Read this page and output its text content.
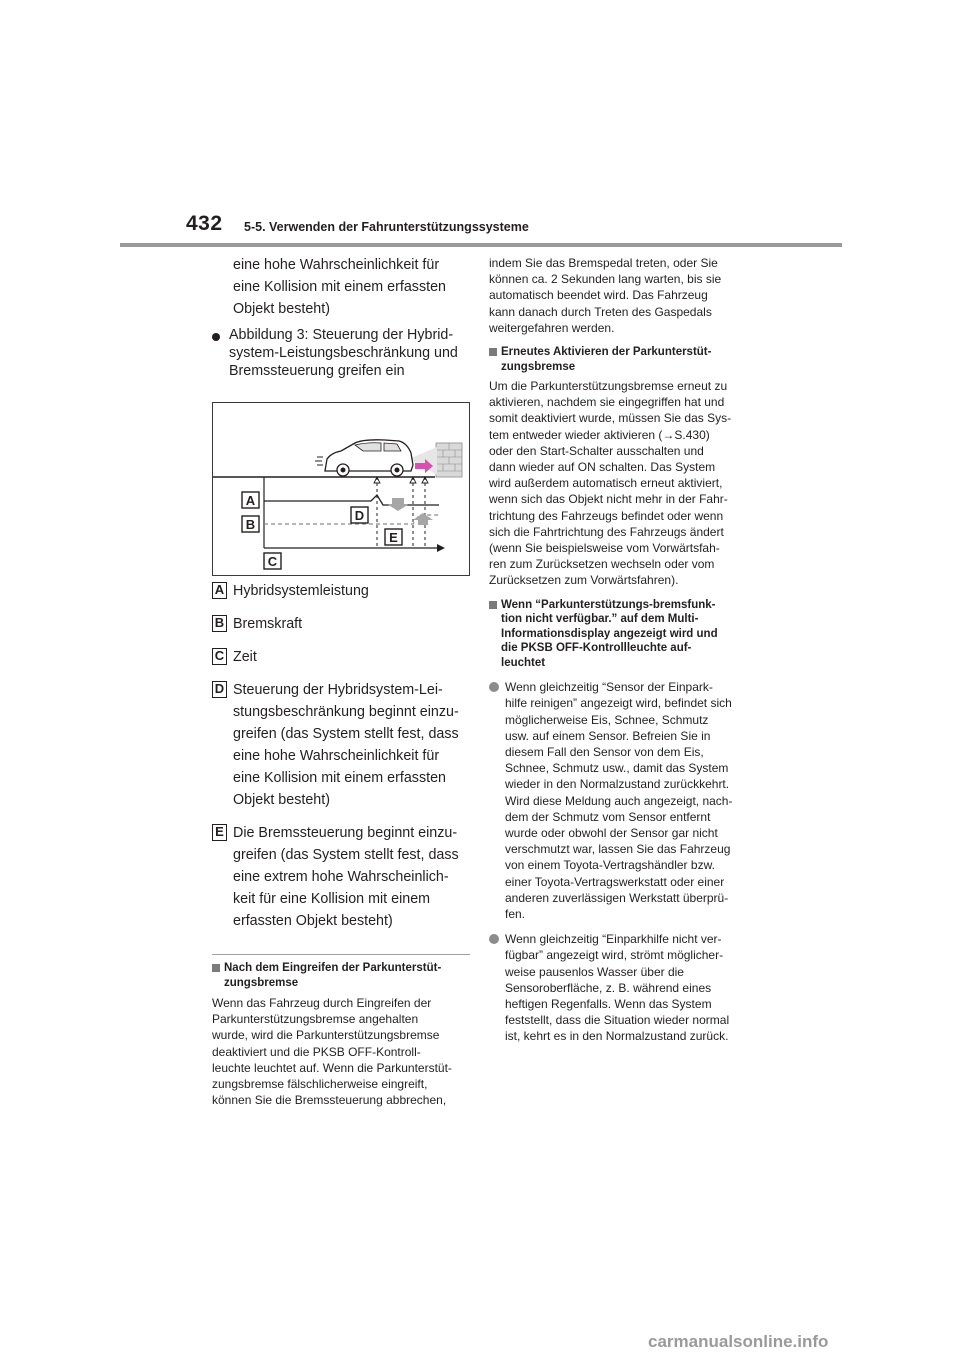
432 5-5. Verwenden der Fahrunterstützungssysteme
eine hohe Wahrscheinlichkeit für
eine Kollision mit einem erfassten
Objekt besteht)
Abbildung 3: Steuerung der Hybrid-
system-Leistungsbeschränkung und
Bremssteuerung greifen ein
A
B
C
D
E
A Hybridsystemleistung
B Bremskraft
C Zeit
D Steuerung der Hybridsystem-Lei-
stungsbeschränkung beginnt einzu-
greifen (das System stellt fest, dass
eine hohe Wahrscheinlichkeit für
eine Kollision mit einem erfassten
Objekt besteht)
E Die Bremssteuerung beginnt einzu-
greifen (das System stellt fest, dass
eine extrem hohe Wahrscheinlich-
keit für eine Kollision mit einem
erfassten Objekt besteht)
Nach dem Eingreifen der Parkunterstüt-
zungsbremse
Wenn das Fahrzeug durch Eingreifen der
Parkunterstützungsbremse angehalten
wurde, wird die Parkunterstützungsbremse
deaktiviert und die PKSB OFF-Kontroll-
leuchte leuchtet auf. Wenn die Parkunterstüt-
zungsbremse fälschlicherweise eingreift,
können Sie die Bremssteuerung abbrechen,
indem Sie das Bremspedal treten, oder Sie
können ca. 2 Sekunden lang warten, bis sie
automatisch beendet wird. Das Fahrzeug
kann danach durch Treten des Gaspedals
weitergefahren werden.
Erneutes Aktivieren der Parkunterstüt-
zungsbremse
Um die Parkunterstützungsbremse erneut zu
aktivieren, nachdem sie eingegriffen hat und
somit deaktiviert wurde, müssen Sie das Sys-
tem entweder wieder aktivieren (→S.430)
oder den Start-Schalter ausschalten und
dann wieder auf ON schalten. Das System
wird außerdem automatisch erneut aktiviert,
wenn sich das Objekt nicht mehr in der Fahr-
trichtung des Fahrzeugs befindet oder wenn
sich die Fahrtrichtung des Fahrzeugs ändert
(wenn Sie beispielsweise vom Vorwärtsfah-
ren zum Zurücksetzen wechseln oder vom
Zurücksetzen zum Vorwärtsfahren).
Wenn “Parkunterstützungs-bremsfunk-
tion nicht verfügbar.” auf dem Multi-
Informationsdisplay angezeigt wird und
die PKSB OFF-Kontrollleuchte auf-
leuchtet
Wenn gleichzeitig “Sensor der Einpark-
hilfe reinigen” angezeigt wird, befindet sich
möglicherweise Eis, Schnee, Schmutz
usw. auf einem Sensor. Befreien Sie in
diesem Fall den Sensor von dem Eis,
Schnee, Schmutz usw., damit das System
wieder in den Normalzustand zurückkehrt.
Wird diese Meldung auch angezeigt, nach-
dem der Schmutz vom Sensor entfernt
wurde oder obwohl der Sensor gar nicht
verschmutzt war, lassen Sie das Fahrzeug
von einem Toyota-Vertragshändler bzw.
einer Toyota-Vertragswerkstatt oder einer
anderen zuverlässigen Werkstatt überprü-
fen.
Wenn gleichzeitig “Einparkhilfe nicht ver-
fügbar” angezeigt wird, strömt möglicher-
weise pausenlos Wasser über die
Sensoroberfläche, z. B. während eines
heftigen Regenfalls. Wenn das System
feststellt, dass die Situation wieder normal
ist, kehrt es in den Normalzustand zurück.
carmanualsonline.info
